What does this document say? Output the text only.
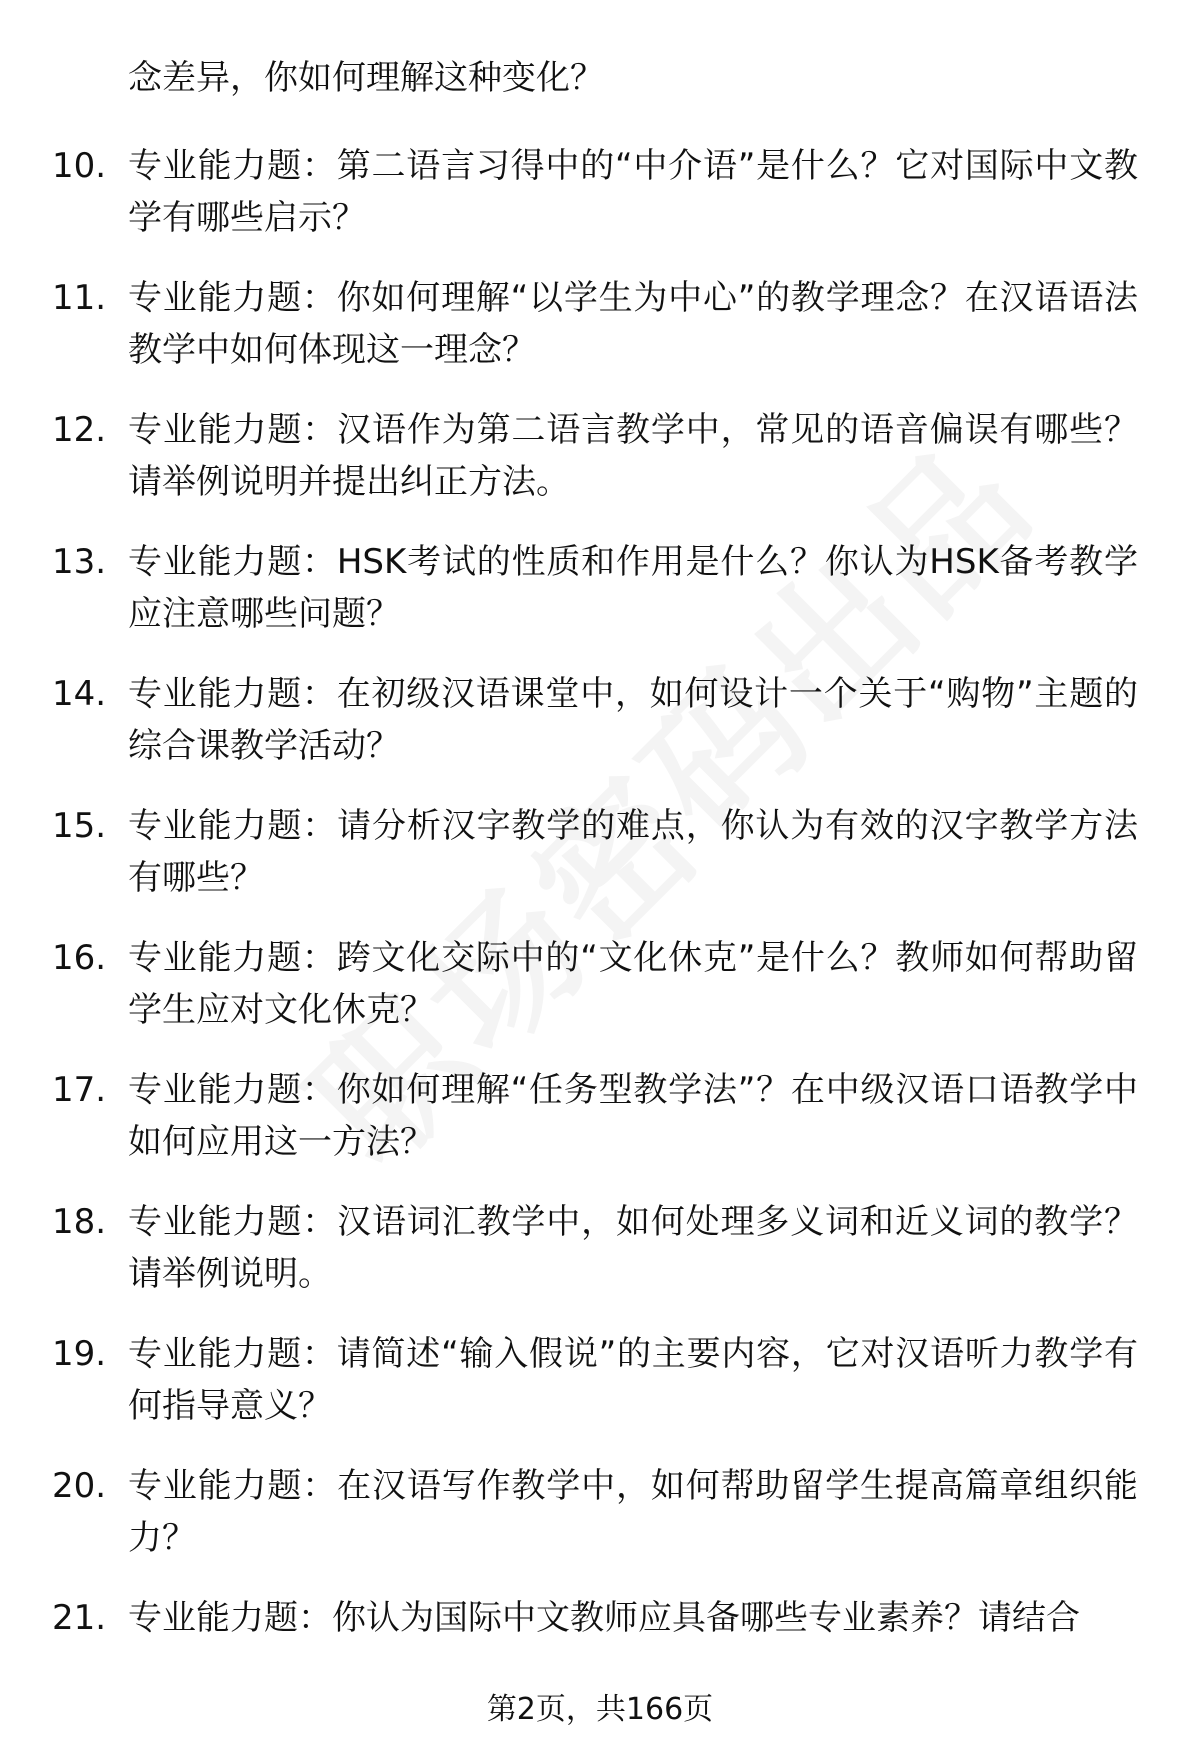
念差异，你如何理解这种变化？
10. 专业能力题：第二语言习得中的“中介语”是什么？它对国际中文教学有哪些启示？
11. 专业能力题：你如何理解“以学生为中心”的教学理念？在汉语语法教学中如何体现这一理念？
12. 专业能力题：汉语作为第二语言教学中，常见的语音偏误有哪些？请举例说明并提出纠正方法。
13. 专业能力题：HSK考试的性质和作用是什么？你认为HSK备考教学应注意哪些问题？
14. 专业能力题：在初级汉语课堂中，如何设计一个关于“购物”主题的综合课教学活动？
15. 专业能力题：请分析汉字教学的难点，你认为有效的汉字教学方法有哪些？
16. 专业能力题：跨文化交际中的“文化休克”是什么？教师如何帮助留学生应对文化休克？
17. 专业能力题：你如何理解“任务型教学法”？在中级汉语口语教学中如何应用这一方法？
18. 专业能力题：汉语词汇教学中，如何处理多义词和近义词的教学？请举例说明。
19. 专业能力题：请简述“输入假说”的主要内容，它对汉语听力教学有何指导意义？
20. 专业能力题：在汉语写作教学中，如何帮助留学生提高篇章组织能力？
21. 专业能力题：你认为国际中文教师应具备哪些专业素养？请结合
第2页，共166页
